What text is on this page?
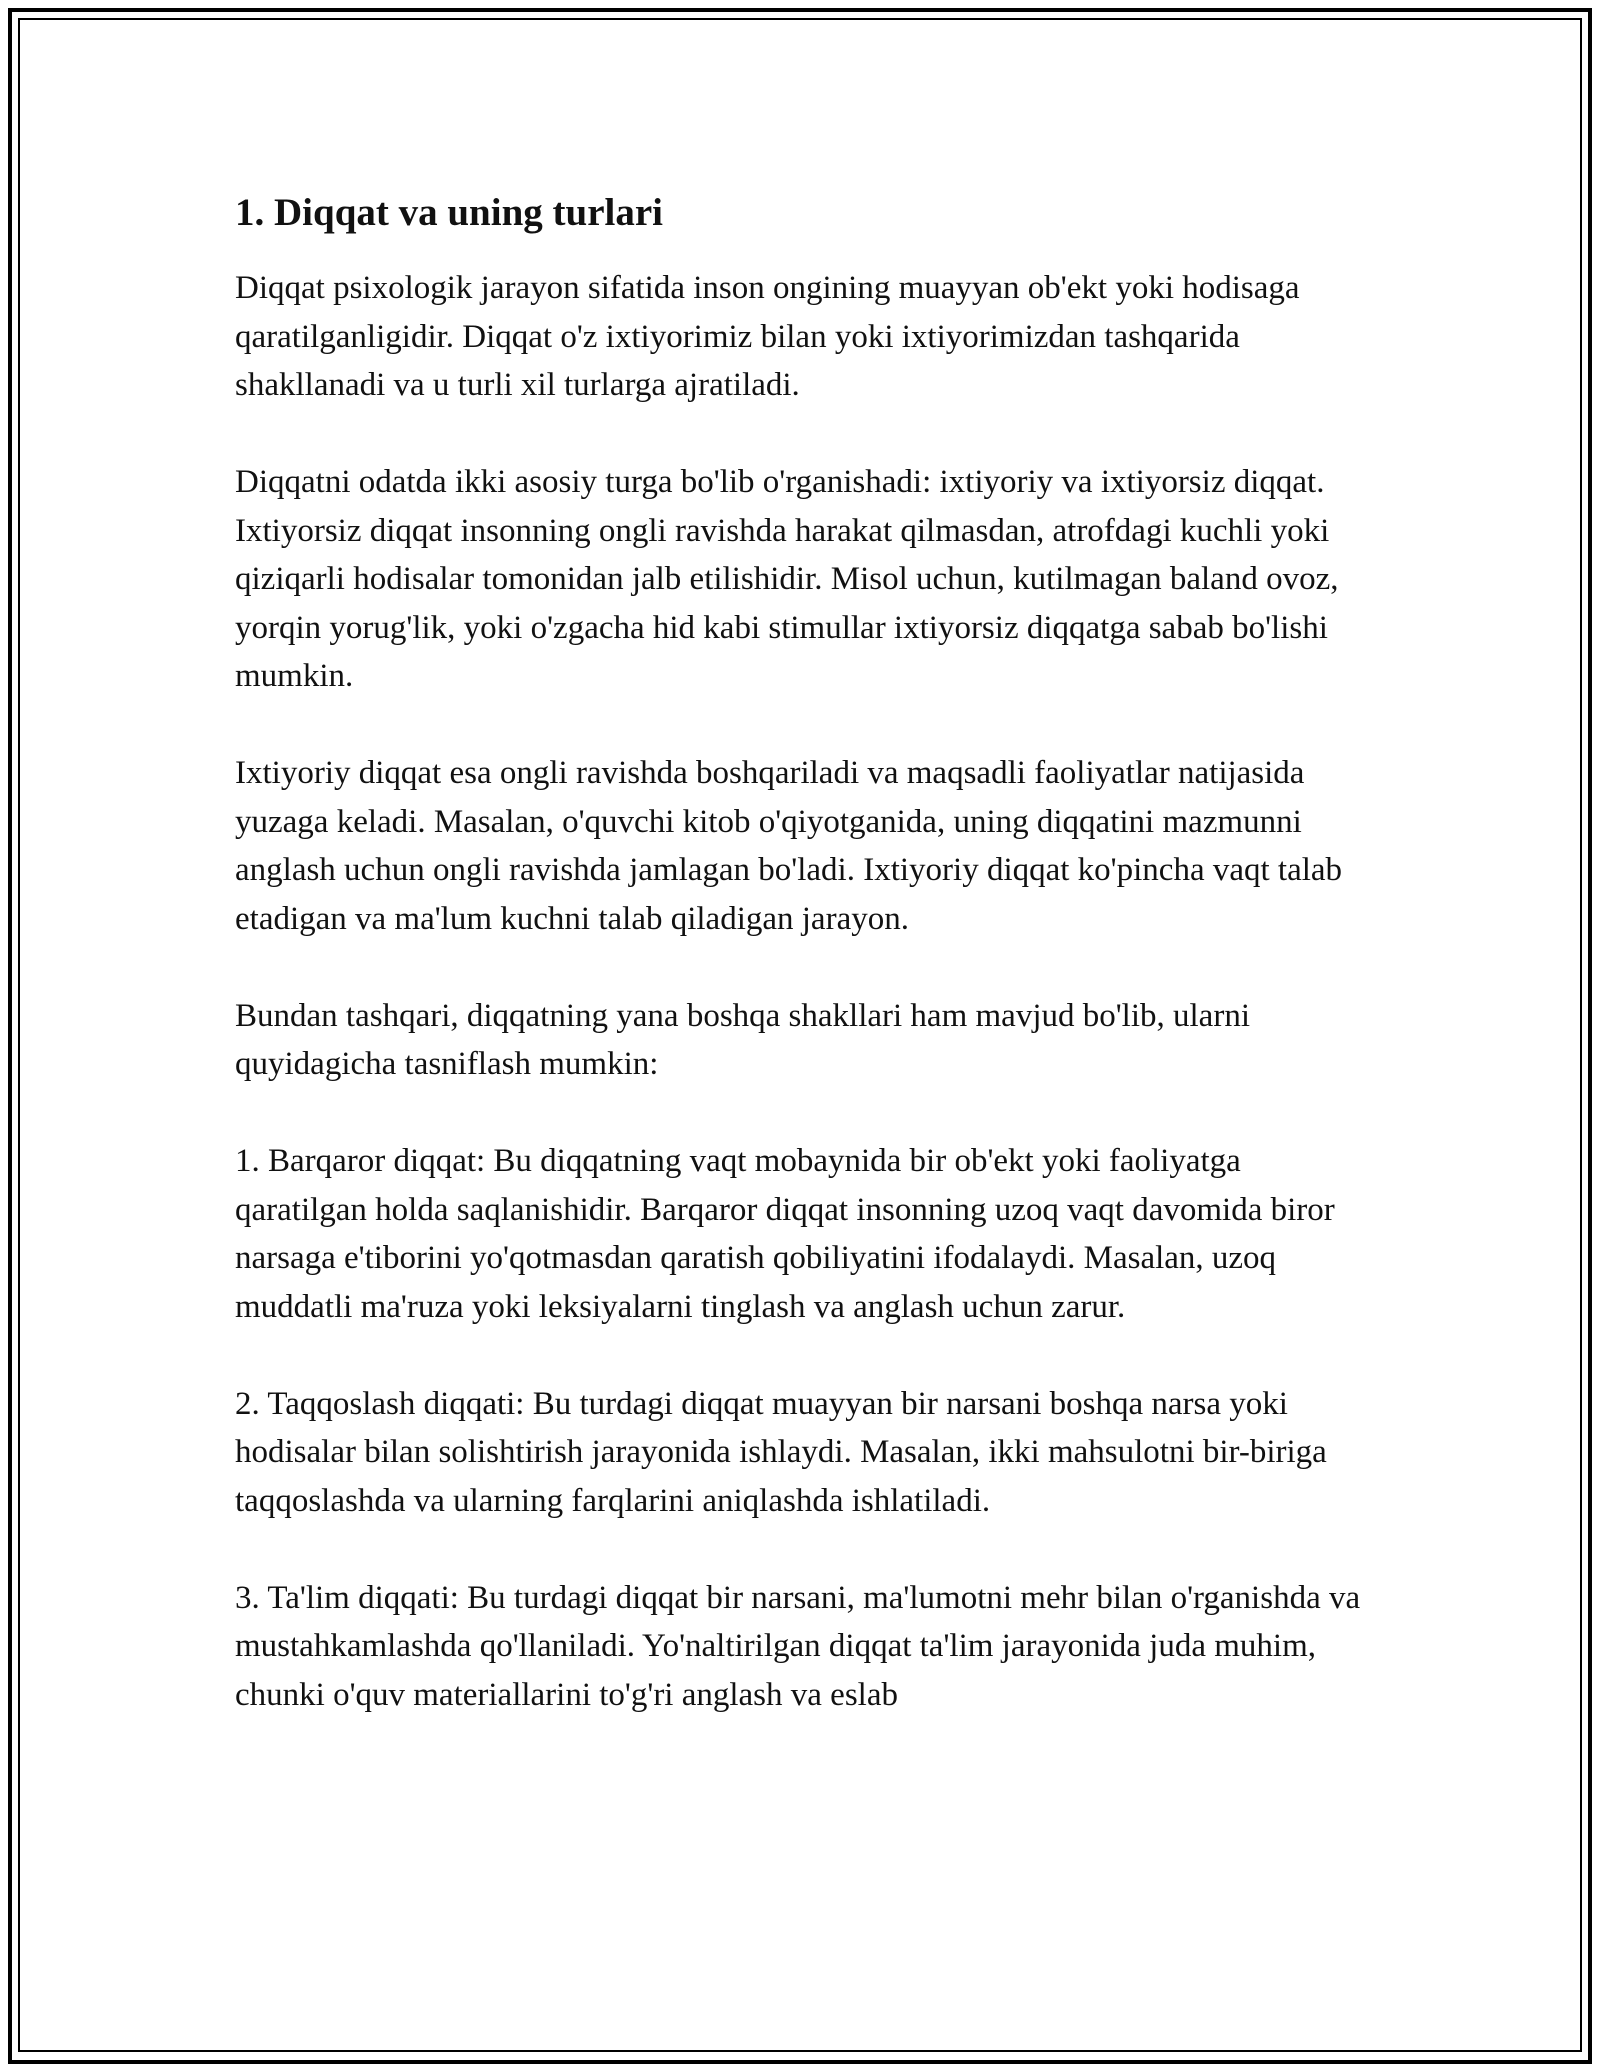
1. Diqqat va uning turlari

Diqqat psixologik jarayon sifatida inson ongining muayyan ob'ekt yoki hodisaga qaratilganligidir. Diqqat o'z ixtiyorimiz bilan yoki ixtiyorimizdan tashqarida shakllanadi va u turli xil turlarga ajratiladi.

Diqqatni odatda ikki asosiy turga bo'lib o'rganishadi: ixtiyoriy va ixtiyorsiz diqqat. Ixtiyorsiz diqqat insonning ongli ravishda harakat qilmasdan, atrofdagi kuchli yoki qiziqarli hodisalar tomonidan jalb etilishidir. Misol uchun, kutilmagan baland ovoz, yorqin yorug'lik, yoki o'zgacha hid kabi stimullar ixtiyorsiz diqqatga sabab bo'lishi mumkin.

Ixtiyoriy diqqat esa ongli ravishda boshqariladi va maqsadli faoliyatlar natijasida yuzaga keladi. Masalan, o'quvchi kitob o'qiyotganida, uning diqqatini mazmunni anglash uchun ongli ravishda jamlagan bo'ladi. Ixtiyoriy diqqat ko'pincha vaqt talab etadigan va ma'lum kuchni talab qiladigan jarayon.

Bundan tashqari, diqqatning yana boshqa shakllari ham mavjud bo'lib, ularni quyidagicha tasniflash mumkin:

1. Barqaror diqqat: Bu diqqatning vaqt mobaynida bir ob'ekt yoki faoliyatga qaratilgan holda saqlanishidir. Barqaror diqqat insonning uzoq vaqt davomida biror narsaga e'tiborini yo'qotmasdan qaratish qobiliyatini ifodalaydi. Masalan, uzoq muddatli ma'ruza yoki leksiyalarni tinglash va anglash uchun zarur.

2. Taqqoslash diqqati: Bu turdagi diqqat muayyan bir narsani boshqa narsa yoki hodisalar bilan solishtirish jarayonida ishlaydi. Masalan, ikki mahsulotni bir-biriga taqqoslashda va ularning farqlarini aniqlashda ishlatiladi.

3. Ta'lim diqqati: Bu turdagi diqqat bir narsani, ma'lumotni mehr bilan o'rganishda va mustahkamlashda qo'llaniladi. Yo'naltirilgan diqqat ta'lim jarayonida juda muhim, chunki o'quv materiallarini to'g'ri anglash va eslab
